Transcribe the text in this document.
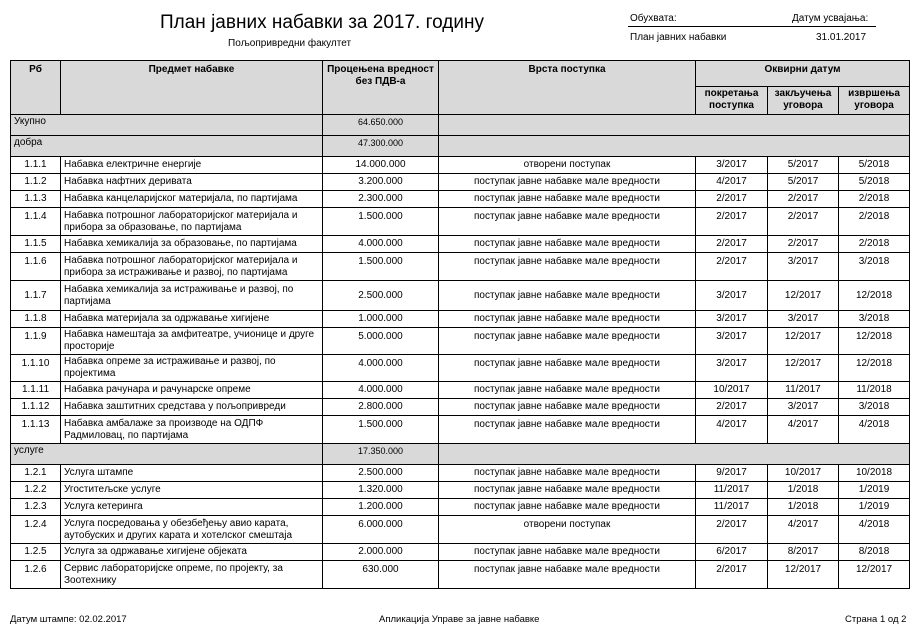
План јавних набавки за 2017. годину
Пољопривредни факултет
Обухвата:	Датум усвајања:
План јавних набавки	31.01.2017
Рб	Предмет набавке	Процењена вредност без ПДВ-а	Врста поступка	Оквирни датум		
				покретања поступка	закључења уговора	извршења уговора
Укупно		64.650.000				
добра		47.300.000				
1.1.1	Набавка електричне енергије	14.000.000	отворени поступак	3/2017	5/2017	5/2018
1.1.2	Набавка нафтних деривата	3.200.000	поступак јавне набавке мале вредности	4/2017	5/2017	5/2018
1.1.3	Набавка канцеларијског материјала, по партијама	2.300.000	поступак јавне набавке мале вредности	2/2017	2/2017	2/2018
1.1.4	Набавка потрошног лабораторијског материјала и прибора за образовање, по партијама	1.500.000	поступак јавне набавке мале вредности	2/2017	2/2017	2/2018
1.1.5	Набавка хемикалија за образовање, по партијама	4.000.000	поступак јавне набавке мале вредности	2/2017	2/2017	2/2018
1.1.6	Набавка потрошног лабораторијског материјала и прибора за истраживање и развој, по партијама	1.500.000	поступак јавне набавке мале вредности	2/2017	3/2017	3/2018
1.1.7	Набавка хемикалија за истраживање и развој, по партијама	2.500.000	поступак јавне набавке мале вредности	3/2017	12/2017	12/2018
1.1.8	Набавка материјала за одржавање хигијене	1.000.000	поступак јавне набавке мале вредности	3/2017	3/2017	3/2018
1.1.9	Набавка намештаја за амфитеатре, учионице и друге просторије	5.000.000	поступак јавне набавке мале вредности	3/2017	12/2017	12/2018
1.1.10	Набавка опреме за истраживање и развој, по пројектима	4.000.000	поступак јавне набавке мале вредности	3/2017	12/2017	12/2018
1.1.11	Набавка рачунара и рачунарске опреме	4.000.000	поступак јавне набавке мале вредности	10/2017	11/2017	11/2018
1.1.12	Набавка заштитних средстава у пољопривреди	2.800.000	поступак јавне набавке мале вредности	2/2017	3/2017	3/2018
1.1.13	Набавка амбалаже за производе на ОДПФ Радмиловац, по партијама	1.500.000	поступак јавне набавке мале вредности	4/2017	4/2017	4/2018
услуге		17.350.000				
1.2.1	Услуга штампе	2.500.000	поступак јавне набавке мале вредности	9/2017	10/2017	10/2018
1.2.2	Угоститељске услуге	1.320.000	поступак јавне набавке мале вредности	11/2017	1/2018	1/2019
1.2.3	Услуга кетеринга	1.200.000	поступак јавне набавке мале вредности	11/2017	1/2018	1/2019
1.2.4	Услуга посредовања у обезбеђењу авио карата, аутобуских и других карата и хотелског смештаја	6.000.000	отворени поступак	2/2017	4/2017	4/2018
1.2.5	Услуга за одржавање хигијене објеката	2.000.000	поступак јавне набавке мале вредности	6/2017	8/2017	8/2018
1.2.6	Сервис лабораторијске опреме, по пројекту, за Зоотехнику	630.000	поступак јавне набавке мале вредности	2/2017	12/2017	12/2017
Датум штампе: 02.02.2017	Апликација Управе за јавне набавке	Страна 1 од 2
